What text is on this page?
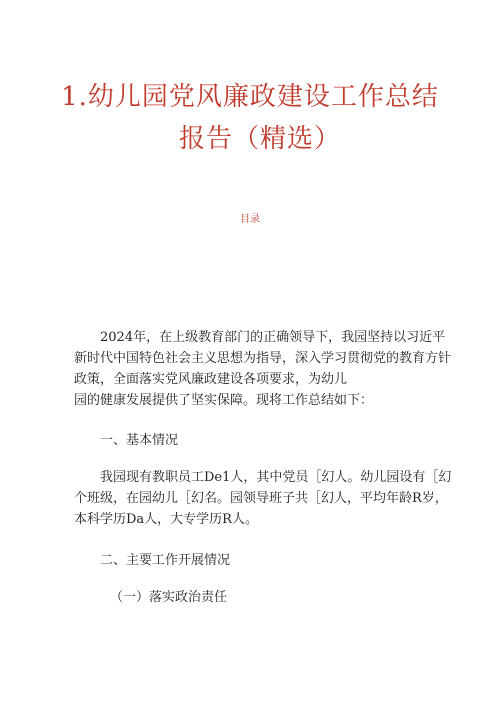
1.幼儿园党风廉政建设工作总结
报告（精选）
目录
2024年，在上级教育部门的正确领导下，我园坚持以习近平
新时代中国特色社会主义思想为指导，深入学习贯彻党的教育方针
政策，全面落实党风廉政建设各项要求，为幼儿
园的健康发展提供了坚实保障。现将工作总结如下：
一、基本情况
我园现有教职员工De1人，其中党员［幻人。幼儿园设有［幻
个班级，在园幼儿［幻名。园领导班子共［幻人，平均年龄R岁，
本科学历Da人，大专学历R人。
二、主要工作开展情况
（一）落实政治责任
